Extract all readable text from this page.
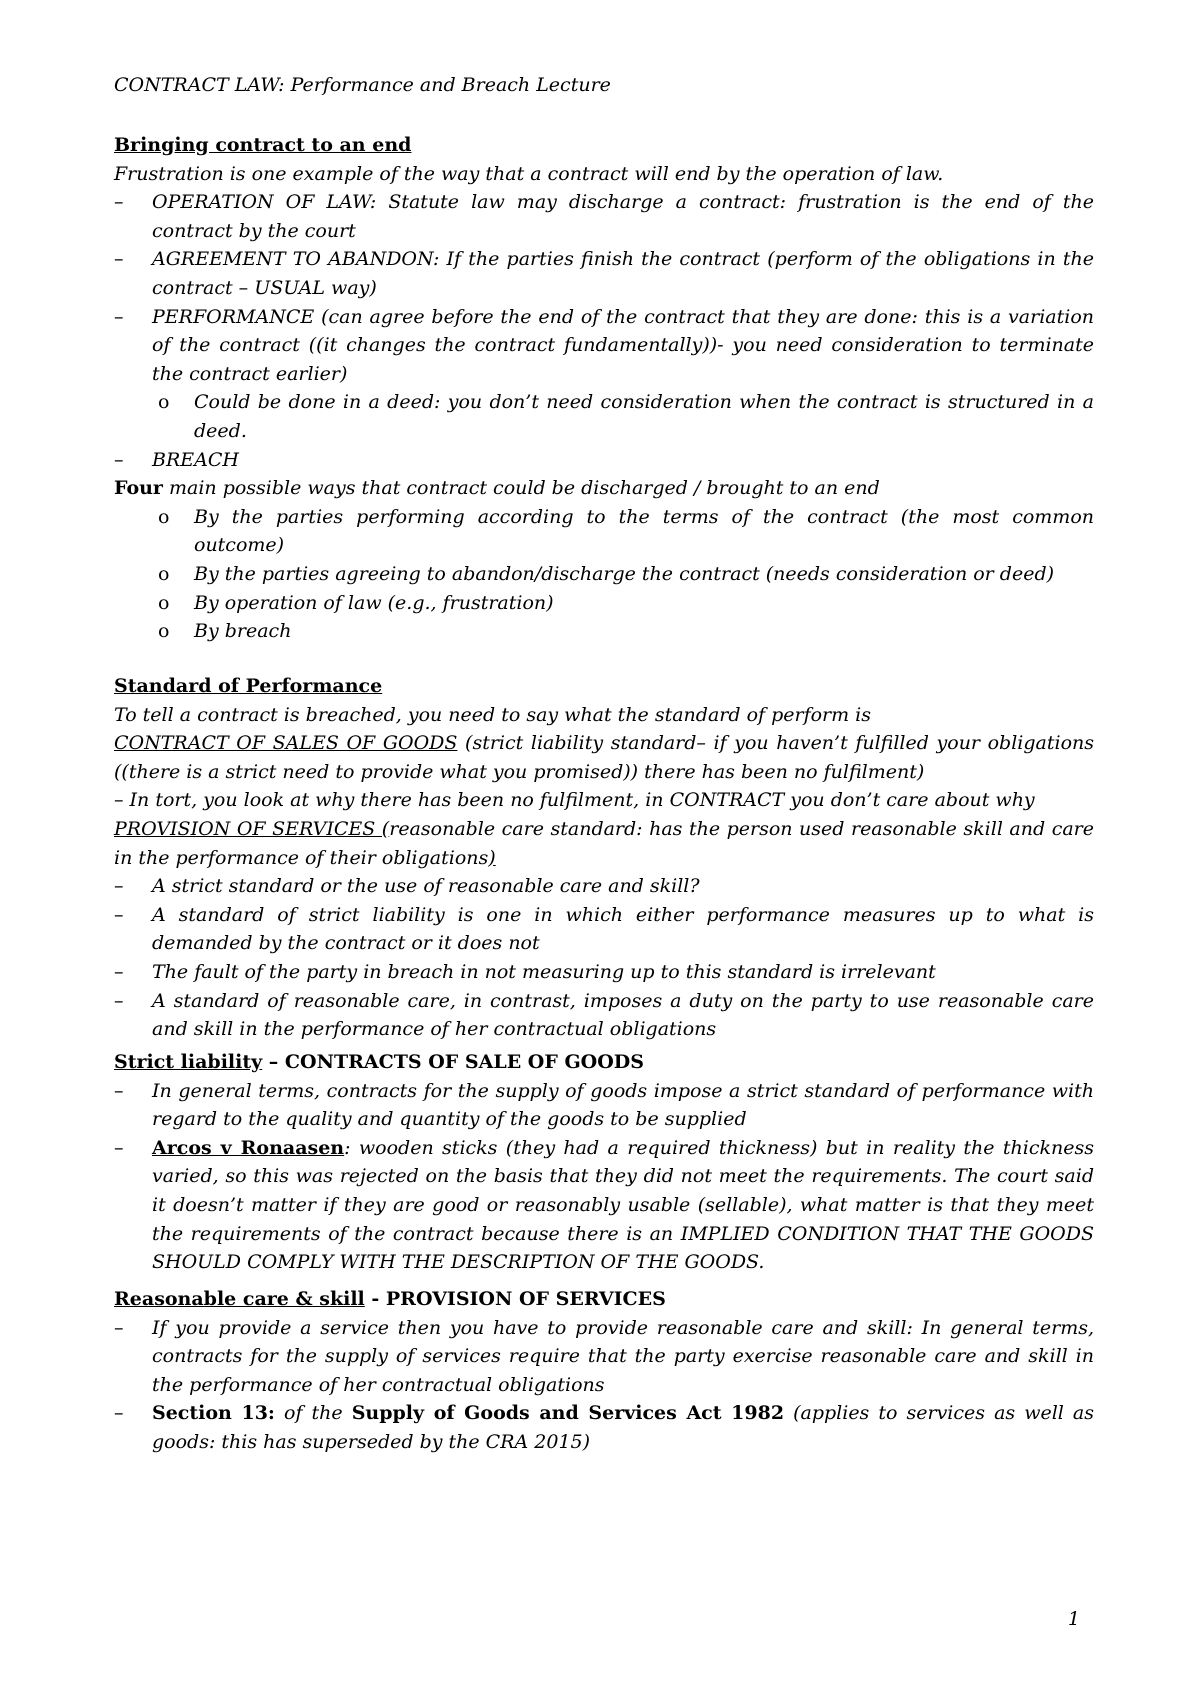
CONTRACT LAW: Performance and Breach Lecture
Bringing contract to an end
Frustration is one example of the way that a contract will end by the operation of law.
– OPERATION OF LAW: Statute law may discharge a contract: frustration is the end of the contract by the court
– AGREEMENT TO ABANDON: If the parties finish the contract (perform of the obligations in the contract – USUAL way)
– PERFORMANCE (can agree before the end of the contract that they are done: this is a variation of the contract ((it changes the contract fundamentally))- you need consideration to terminate the contract earlier)
o Could be done in a deed: you don’t need consideration when the contract is structured in a deed.
– BREACH
Four main possible ways that contract could be discharged / brought to an end
o By the parties performing according to the terms of the contract (the most common outcome)
o By the parties agreeing to abandon/discharge the contract (needs consideration or deed)
o By operation of law (e.g., frustration)
o By breach
Standard of Performance
To tell a contract is breached, you need to say what the standard of perform is
CONTRACT OF SALES OF GOODS (strict liability standard– if you haven’t fulfilled your obligations ((there is a strict need to provide what you promised)) there has been no fulfilment)
– In tort, you look at why there has been no fulfilment, in CONTRACT you don’t care about why
PROVISION OF SERVICES (reasonable care standard: has the person used reasonable skill and care in the performance of their obligations)
– A strict standard or the use of reasonable care and skill?
– A standard of strict liability is one in which either performance measures up to what is demanded by the contract or it does not
– The fault of the party in breach in not measuring up to this standard is irrelevant
– A standard of reasonable care, in contrast, imposes a duty on the party to use reasonable care and skill in the performance of her contractual obligations
Strict liability – CONTRACTS OF SALE OF GOODS
– In general terms, contracts for the supply of goods impose a strict standard of performance with regard to the quality and quantity of the goods to be supplied
– Arcos v Ronaasen: wooden sticks (they had a required thickness) but in reality the thickness varied, so this was rejected on the basis that they did not meet the requirements. The court said it doesn’t matter if they are good or reasonably usable (sellable), what matter is that they meet the requirements of the contract because there is an IMPLIED CONDITION THAT THE GOODS SHOULD COMPLY WITH THE DESCRIPTION OF THE GOODS.
Reasonable care & skill - PROVISION OF SERVICES
– If you provide a service then you have to provide reasonable care and skill: In general terms, contracts for the supply of services require that the party exercise reasonable care and skill in the performance of her contractual obligations
– Section 13: of the Supply of Goods and Services Act 1982 (applies to services as well as goods: this has superseded by the CRA 2015)
1
